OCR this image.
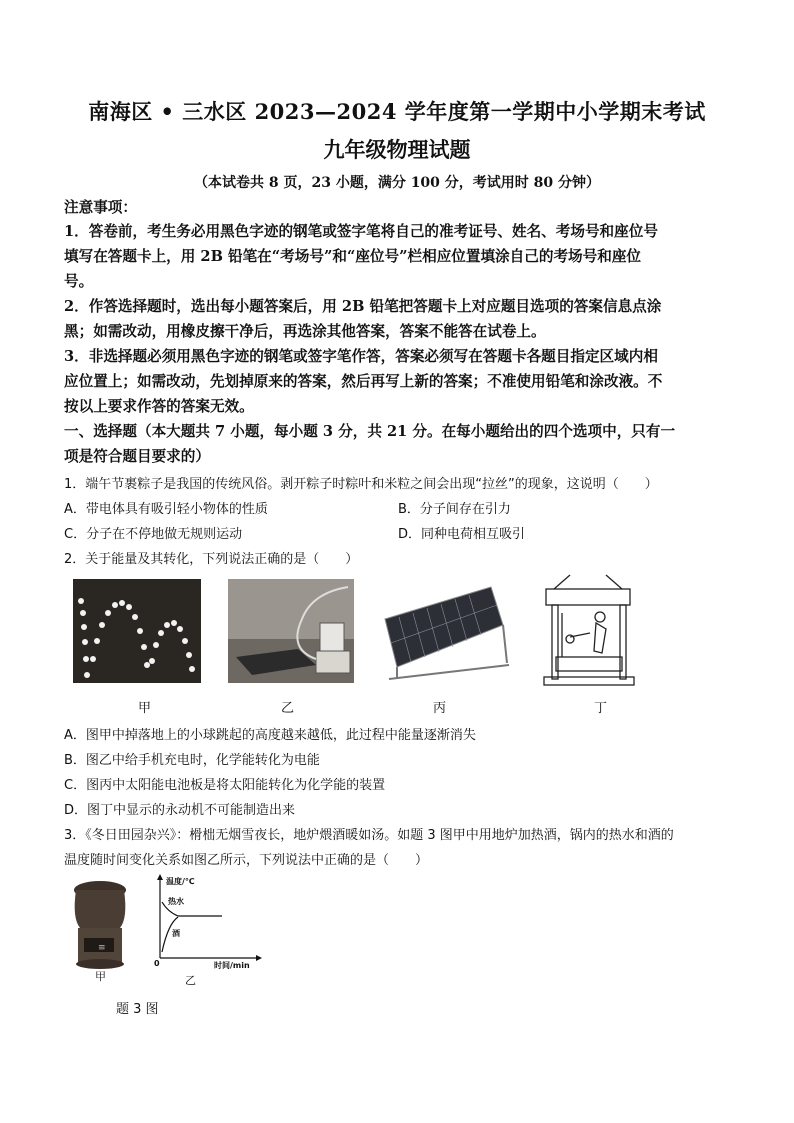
南海区 • 三水区 2023—2024 学年度第一学期中小学期末考试
九年级物理试题
（本试卷共 8 页，23 小题，满分 100 分，考试用时 80 分钟）
注意事项：
1．答卷前，考生务必用黑色字迹的钢笔或签字笔将自己的准考证号、姓名、考场号和座位号
填写在答题卡上，用 2B 铅笔在“考场号”和“座位号”栏相应位置填涂自己的考场号和座位
号。
2．作答选择题时，选出每小题答案后，用 2B 铅笔把答题卡上对应题目选项的答案信息点涂
黑；如需改动，用橡皮擦干净后，再选涂其他答案，答案不能答在试卷上。
3．非选择题必须用黑色字迹的钢笔或签字笔作答，答案必须写在答题卡各题目指定区域内相
应位置上；如需改动，先划掉原来的答案，然后再写上新的答案；不准使用铅笔和涂改液。不
按以上要求作答的答案无效。
一、选择题（本大题共 7 小题，每小题 3 分，共 21 分。在每小题给出的四个选项中，只有一
项是符合题目要求的）
1．端午节裹粽子是我国的传统风俗。剥开粽子时粽叶和米粒之间会出现“拉丝”的现象，这说明（　　）
A．带电体具有吸引轻小物体的性质	B．分子间存在引力
C．分子在不停地做无规则运动	D．同种电荷相互吸引
2．关于能量及其转化，下列说法正确的是（　　）
甲	乙	丙	丁
A．图甲中掉落地上的小球跳起的高度越来越低，此过程中能量逐渐消失
B．图乙中给手机充电时，化学能转化为电能
C．图丙中太阳能电池板是将太阳能转化为化学能的装置
D．图丁中显示的永动机不可能制造出来
3．《冬日田园杂兴》：榾柮无烟雪夜长，地炉煨酒暖如汤。如题 3 图甲中用地炉加热酒，锅内的热水和酒的
温度随时间变化关系如图乙所示，下列说法中正确的是（　　）
≡
温度/℃
热水
酒
0	时间/min
甲	乙
题 3 图
